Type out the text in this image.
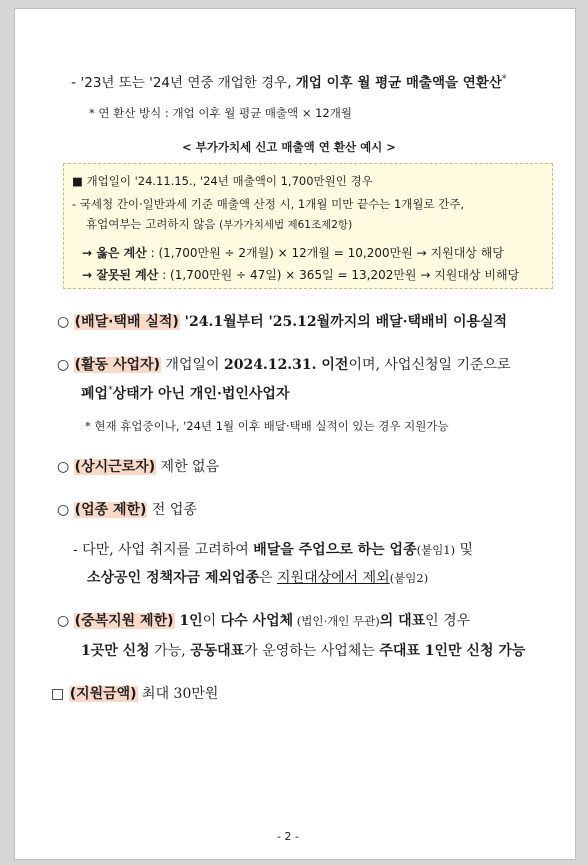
- '23년 또는 '24년 연중 개업한 경우, 개업 이후 월 평균 매출액을 연환산*
* 연 환산 방식 : 개업 이후 월 평균 매출액 × 12개월
< 부가가치세 신고 매출액 연 환산 예시 >
■ 개업일이 '24.11.15., '24년 매출액이 1,700만원인 경우
- 국세청 간이·일반과세 기준 매출액 산정 시, 1개월 미만 끝수는 1개월로 간주,
휴업여부는 고려하지 않음 (부가가치세법 제61조제2항)
→ 옳은 계산 : (1,700만원 ÷ 2개월) × 12개월 = 10,200만원 → 지원대상 해당
→ 잘못된 계산 : (1,700만원 ÷ 47일) × 365일 = 13,202만원 → 지원대상 비해당
○ (배달·택배 실적) '24.1월부터 '25.12월까지의 배달·택배비 이용실적
○ (활동 사업자) 개업일이 2024.12.31. 이전이며, 사업신청일 기준으로
폐업*상태가 아닌 개인·법인사업자
* 현재 휴업중이나, '24년 1월 이후 배달·택배 실적이 있는 경우 지원가능
○ (상시근로자) 제한 없음
○ (업종 제한) 전 업종
- 다만, 사업 취지를 고려하여 배달을 주업으로 하는 업종(붙임1) 및
소상공인 정책자금 제외업종은 지원대상에서 제외(붙임2)
○ (중복지원 제한) 1인이 다수 사업체 (법인·개인 무관)의 대표인 경우
1곳만 신청 가능, 공동대표가 운영하는 사업체는 주대표 1인만 신청 가능
□ (지원금액) 최대 30만원
- 2 -
